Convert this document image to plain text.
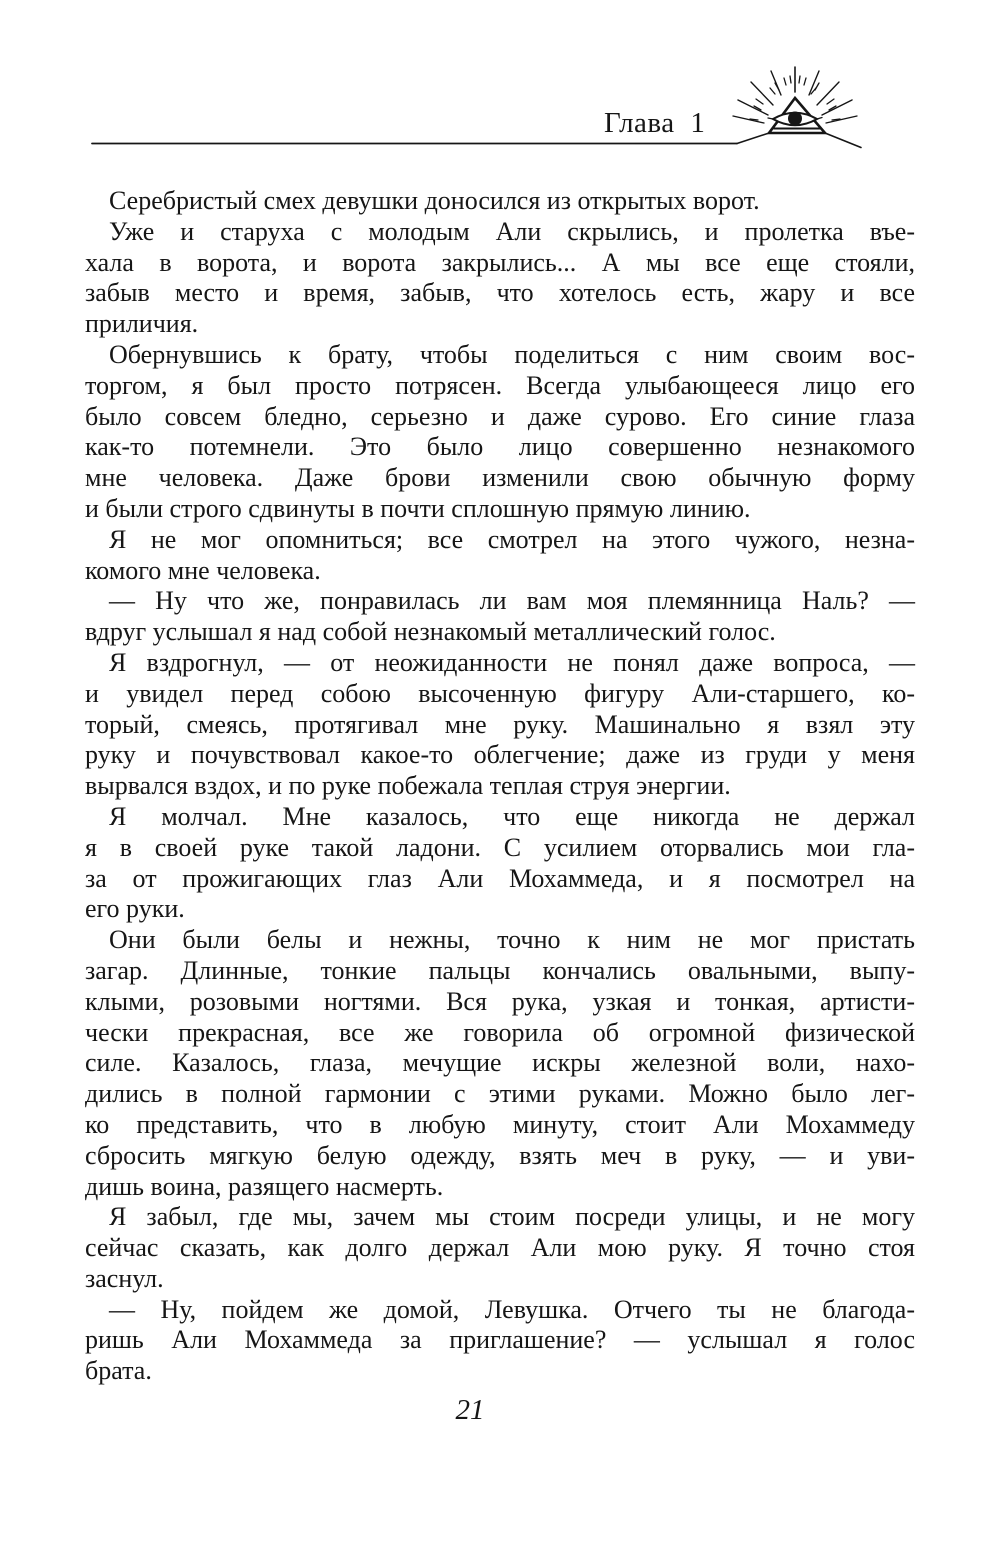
Глава 1
Серебристый смех девушки доносился из открытых ворот.
Уже и старуха с молодым Али скрылись, и пролетка въе-
хала в ворота, и ворота закрылись... А мы все еще стояли,
забыв место и время, забыв, что хотелось есть, жару и все
приличия.
Обернувшись к брату, чтобы поделиться с ним своим вос-
торгом, я был просто потрясен. Всегда улыбающееся лицо его
было совсем бледно, серьезно и даже сурово. Его синие глаза
как-то потемнели. Это было лицо совершенно незнакомого
мне человека. Даже брови изменили свою обычную форму
и были строго сдвинуты в почти сплошную прямую линию.
Я не мог опомниться; все смотрел на этого чужого, незна-
комого мне человека.
— Ну что же, понравилась ли вам моя племянница Наль? —
вдруг услышал я над собой незнакомый металлический голос.
Я вздрогнул, — от неожиданности не понял даже вопроса, —
и увидел перед собою высоченную фигуру Али-старшего, ко-
торый, смеясь, протягивал мне руку. Машинально я взял эту
руку и почувствовал какое-то облегчение; даже из груди у меня
вырвался вздох, и по руке побежала теплая струя энергии.
Я молчал. Мне казалось, что еще никогда не держал
я в своей руке такой ладони. С усилием оторвались мои гла-
за от прожигающих глаз Али Мохаммеда, и я посмотрел на
его руки.
Они были белы и нежны, точно к ним не мог пристать
загар. Длинные, тонкие пальцы кончались овальными, выпу-
клыми, розовыми ногтями. Вся рука, узкая и тонкая, артисти-
чески прекрасная, все же говорила об огромной физической
силе. Казалось, глаза, мечущие искры железной воли, нахо-
дились в полной гармонии с этими руками. Можно было лег-
ко представить, что в любую минуту, стоит Али Мохаммеду
сбросить мягкую белую одежду, взять меч в руку, — и уви-
дишь воина, разящего насмерть.
Я забыл, где мы, зачем мы стоим посреди улицы, и не могу
сейчас сказать, как долго держал Али мою руку. Я точно стоя
заснул.
— Ну, пойдем же домой, Левушка. Отчего ты не благода-
ришь Али Мохаммеда за приглашение? — услышал я голос
брата.
21
